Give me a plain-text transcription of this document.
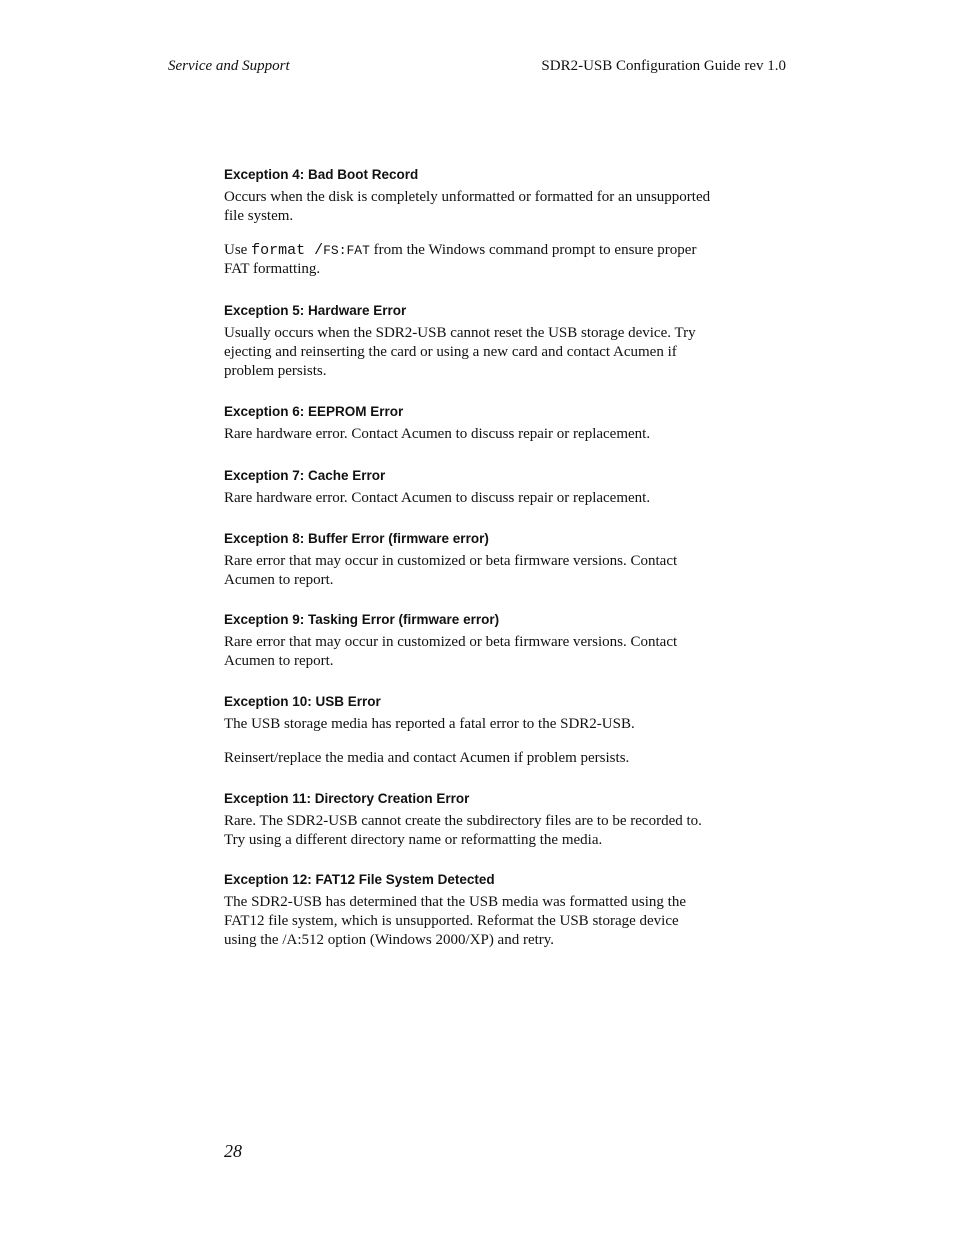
Service and Support	SDR2-USB Configuration Guide rev 1.0
Exception 4: Bad Boot Record

Occurs when the disk is completely unformatted or formatted for an unsupported file system.

Use format /FS:FAT from the Windows command prompt to ensure proper FAT formatting.

Exception 5: Hardware Error

Usually occurs when the SDR2-USB cannot reset the USB storage device. Try ejecting and reinserting the card or using a new card and contact Acumen if problem persists.

Exception 6: EEPROM Error

Rare hardware error. Contact Acumen to discuss repair or replacement.

Exception 7: Cache Error

Rare hardware error. Contact Acumen to discuss repair or replacement.

Exception 8: Buffer Error (firmware error)

Rare error that may occur in customized or beta firmware versions. Contact Acumen to report.

Exception 9: Tasking Error (firmware error)

Rare error that may occur in customized or beta firmware versions. Contact Acumen to report.

Exception 10: USB Error

The USB storage media has reported a fatal error to the SDR2-USB.

Reinsert/replace the media and contact Acumen if problem persists.

Exception 11: Directory Creation Error

Rare. The SDR2-USB cannot create the subdirectory files are to be recorded to. Try using a different directory name or reformatting the media.

Exception 12: FAT12 File System Detected

The SDR2-USB has determined that the USB media was formatted using the FAT12 file system, which is unsupported. Reformat the USB storage device using the /A:512 option (Windows 2000/XP) and retry.

28
